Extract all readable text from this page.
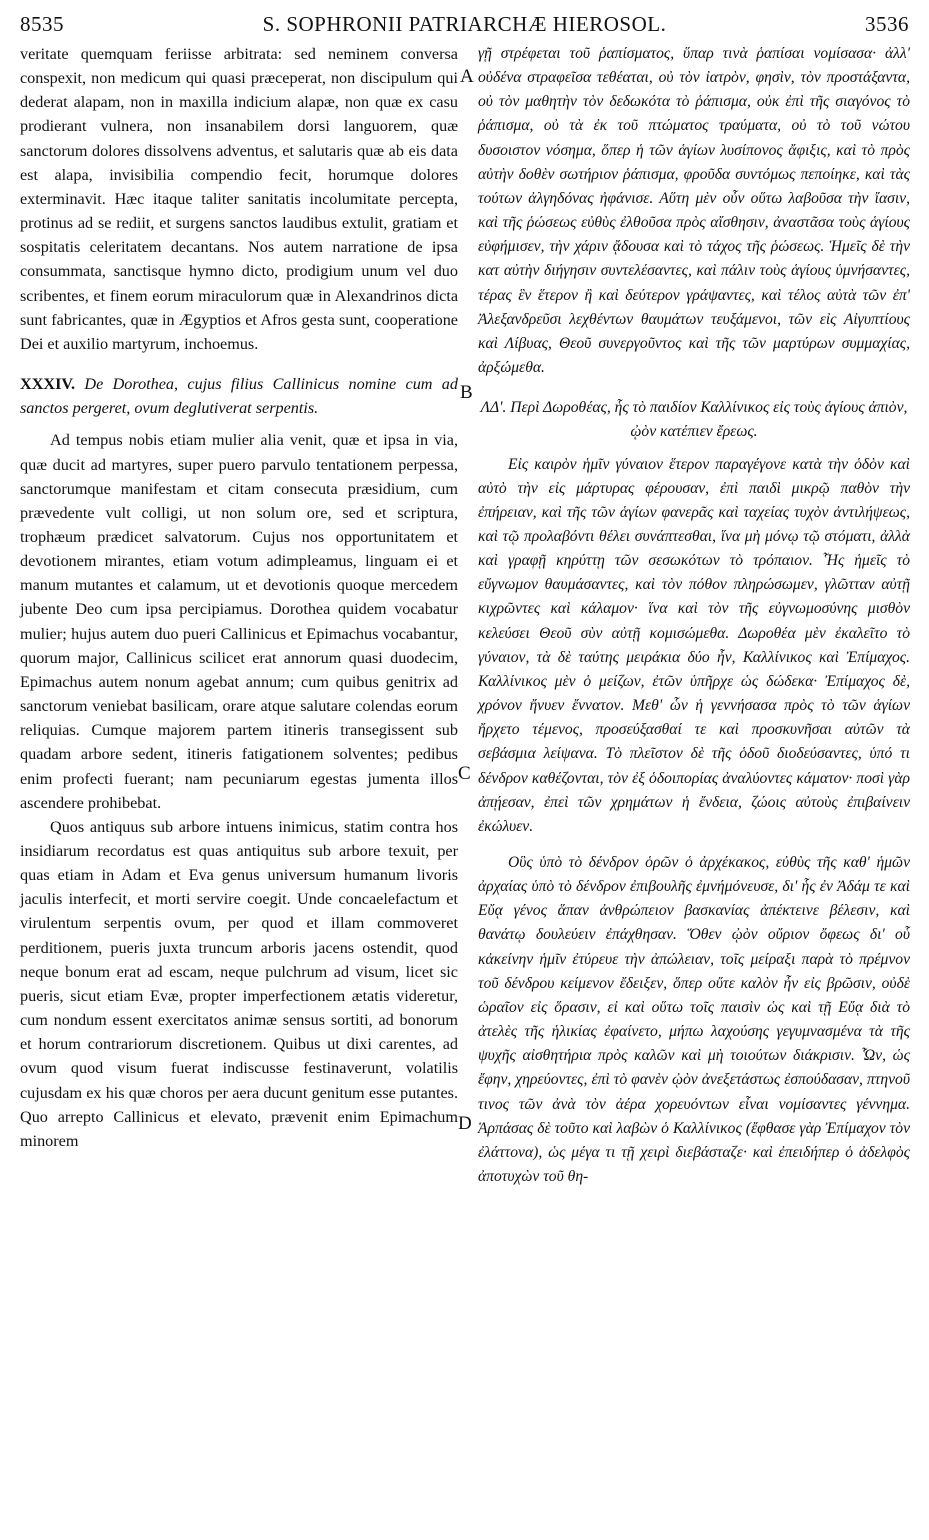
8535	S. SOPHRONII PATRIARCHÆ HIEROSOL.	3536

veritate quemquam feriisse arbitrata: sed neminem conversa conspexit, non medicum qui quasi præceperat, non discipulum qui dederat alapam, non in maxilla indicium alapæ, non quæ ex casu prodierant vulnera, non insanabilem dorsi languorem, quæ sanctorum dolores dissolvens adventus, et salutaris quæ ab eis data est alapa, invisibilia compendio fecit, horumque dolores exterminavit. Hæc itaque taliter sanitatis incolumitate percepta, protinus ad se rediit, et surgens sanctos laudibus extulit, gratiam et sospitatis celeritatem decantans. Nos autem narratione de ipsa consummata, sanctisque hymno dicto, prodigium unum vel duo scribentes, et finem eorum miraculorum quæ in Alexandrinos dicta sunt fabricantes, quæ in Ægyptios et Afros gesta sunt, cooperatione Dei et auxilio martyrum, inchoemus.

XXXIV. De Dorothea, cujus filius Callinicus nomine cum ad sanctos pergeret, ovum deglutiverat serpentis.

Ad tempus nobis etiam mulier alia venit, quæ et ipsa in via, quæ ducit ad martyres, super puero parvulo tentationem perpessa, sanctorumque manifestam et citam consecuta præsidium, cum prævedente vult colligi, ut non solum ore, sed et scriptura, trophæum prædicet salvatorum. Cujus nos opportunitatem et devotionem mirantes, etiam votum adimpleamus, linguam ei et manum mutantes et calamum, ut et devotionis quoque mercedem jubente Deo cum ipsa percipiamus. Dorothea quidem vocabatur mulier; hujus autem duo pueri Callinicus et Epimachus vocabantur, quorum major, Callinicus scilicet erat annorum quasi duodecim, Epimachus autem nonum agebat annum; cum quibus genitrix ad sanctorum veniebat basilicam, orare atque salutare colendas eorum reliquias. Cumque majorem partem itineris transegissent sub quadam arbore sedent, itineris fatigationem solventes; pedibus enim profecti fuerant; nam pecuniarum egestas jumenta illos ascendere prohibebat.

Quos antiquus sub arbore intuens inimicus, statim contra hos insidiarum recordatus est quas antiquitus sub arbore texuit, per quas etiam in Adam et Eva genus universum humanum livoris jaculis interfecit, et morti servire coegit. Unde concaelefactum et virulentum serpentis ovum, per quod et illam commoveret perditionem, pueris juxta truncum arboris jacens ostendit, quod neque bonum erat ad escam, neque pulchrum ad visum, licet sic pueris, sicut etiam Evæ, propter imperfectionem ætatis videretur, cum nondum essent exercitatos animæ sensus sortiti, ad bonorum et horum contrariorum discretionem. Quibus ut dixi carentes, ad ovum quod visum fuerat indiscusse festinaverunt, volatilis cujusdam ex his quæ choros per aera ducunt genitum esse putantes. Quo arrepto Callinicus et elevato, prævenit enim Epimachum minorem

γῇ στρέφεται τοῦ ῥαπίσματος, ὕπαρ τινὰ ῥαπίσαι νομίσασα· ἀλλ' οὐδένα στραφεῖσα τεθέαται, οὐ τὸν ἰατρὸν, φησὶν, τὸν προστάξαντα, οὐ τὸν μαθητὴν τὸν δεδωκότα τὸ ῥάπισμα, οὐκ ἐπὶ τῆς σιαγόνος τὸ ῥάπισμα, οὐ τὰ ἐκ τοῦ πτώματος τραύματα, οὐ τὸ τοῦ νώτου δυσοιστον νόσημα, ὅπερ ἡ τῶν ἁγίων λυσίπονος ἄφιξις, καὶ τὸ πρὸς αὐτὴν δοθὲν σωτήριον ῥάπισμα, φροῦδα συντόμως πεποίηκε, καὶ τὰς τούτων ἀλγηδόνας ἠφάνισε. Αὕτη μὲν οὖν οὕτω λαβοῦσα τὴν ἴασιν, καὶ τῆς ῥώσεως εὐθὺς ἐλθοῦσα πρὸς αἴσθησιν, ἀναστᾶσα τοὺς ἁγίους εὐφήμισεν, τὴν χάριν ᾄδουσα καὶ τὸ τάχος τῆς ῥώσεως. Ἡμεῖς δὲ τὴν κατ αὐτὴν διήγησιν συντελέσαντες, καὶ πάλιν τοὺς ἁγίους ὑμνήσαντες, τέρας ἓν ἕτερον ἢ καὶ δεύτερον γράψαντες, καὶ τέλος αὐτὰ τῶν ἐπ' Ἀλεξανδρεῦσι λεχθέντων θαυμάτων τευξάμενοι, τῶν εἰς Αἰγυπτίους καὶ Λίβυας, Θεοῦ συνεργοῦντος καὶ τῆς τῶν μαρτύρων συμμαχίας, ἀρξώμεθα.

ΛΔ'. Περὶ Δωροθέας, ἧς τὸ παιδίον Καλλίνικος εἰς τοὺς ἁγίους ἀπιὸν, ᾠὸν κατέπιεν ἔρεως.

Εἰς καιρὸν ἡμῖν γύναιον ἕτερον παραγέγονε κατὰ τὴν ὁδὸν καὶ αὐτὸ τὴν εἰς μάρτυρας φέρουσαν, ἐπὶ παιδὶ μικρῷ παθὸν τὴν ἐπήρειαν, καὶ τῆς τῶν ἁγίων φανερᾶς καὶ ταχείας τυχὸν ἀντιλήψεως, καὶ τῷ προλαβόντι θέλει συνάπτεσθαι, ἵνα μὴ μόνῳ τῷ στόματι, ἀλλὰ καὶ γραφῇ κηρύττῃ τῶν σεσωκότων τὸ τρόπαιον. Ἧς ἡμεῖς τὸ εὔγνωμον θαυμάσαντες, καὶ τὸν πόθον πληρώσωμεν, γλῶτταν αὐτῇ κιχρῶντες καὶ κάλαμον· ἵνα καὶ τὸν τῆς εὐγνωμοσύνης μισθὸν κελεύσει Θεοῦ σὺν αὐτῇ κομισώμεθα. Δωροθέα μὲν ἐκαλεῖτο τὸ γύναιον, τὰ δὲ ταύτης μειράκια δύο ἦν, Καλλίνικος καὶ Ἐπίμαχος. Καλλίνικος μὲν ὁ μείζων, ἐτῶν ὑπῆρχε ὡς δώδεκα· Ἐπίμαχος δὲ, χρόνον ἤνυεν ἔννατον. Μεθ' ὧν ἡ γεννήσασα πρὸς τὸ τῶν ἁγίων ἤρχετο τέμενος, προσεύξασθαί τε καὶ προσκυνῆσαι αὐτῶν τὰ σεβάσμια λείψανα. Τὸ πλεῖστον δὲ τῆς ὁδοῦ διοδεύσαντες, ὑπό τι δένδρον καθέζονται, τὸν ἐξ ὁδοιπορίας ἀναλύοντες κάματον· ποσὶ γὰρ ἀπῄεσαν, ἐπεὶ τῶν χρημάτων ἡ ἔνδεια, ζώοις αὐτοὺς ἐπιβαίνειν ἐκώλυεν.

Οὓς ὑπὸ τὸ δένδρον ὁρῶν ὁ ἀρχέκακος, εὐθὺς τῆς καθ' ἡμῶν ἀρχαίας ὑπὸ τὸ δένδρον ἐπιβουλῆς ἐμνήμόνευσε, δι' ἧς ἐν Ἀδάμ τε καὶ Εὔᾳ γένος ἅπαν ἀνθρώπειον βασκανίας ἀπέκτεινε βέλεσιν, καὶ θανάτῳ δουλεύειν ἐπάχθησαν. Ὅθεν ᾠὸν οὔριον ὄφεως δι' οὗ κἀκείνην ἡμῖν ἐτύρευε τὴν ἀπώλειαν, τοῖς μείραξι παρὰ τὸ πρέμνον τοῦ δένδρου κείμενον ἔδειξεν, ὅπερ οὔτε καλὸν ἦν εἰς βρῶσιν, οὐδὲ ὡραῖον εἰς ὅρασιν, εἰ καὶ οὕτω τοῖς παισὶν ὡς καὶ τῇ Εὔᾳ διὰ τὸ ἀτελὲς τῆς ἡλικίας ἐφαίνετο, μήπω λαχούσης γεγυμνασμένα τὰ τῆς ψυχῆς αἰσθητήρια πρὸς καλῶν καὶ μὴ τοιούτων διάκρισιν. Ὧν, ὡς ἔφην, χηρεύοντες, ἐπὶ τὸ φανὲν ᾠὸν ἀνεξετάστως ἐσπούδασαν, πτηνοῦ τινος τῶν ἀνὰ τὸν ἀέρα χορευόντων εἶναι νομίσαντες γέννημα. Ἁρπάσας δὲ τοῦτο καὶ λαβὼν ὁ Καλλίνικος (ἔφθασε γὰρ Ἐπίμαχον τὸν ἐλάττονα), ὡς μέγα τι τῇ χειρὶ διεβάσταζε· καὶ ἐπειδήπερ ὁ ἀδελφὸς ἀποτυχὼν τοῦ θη-

A
B
C
D
